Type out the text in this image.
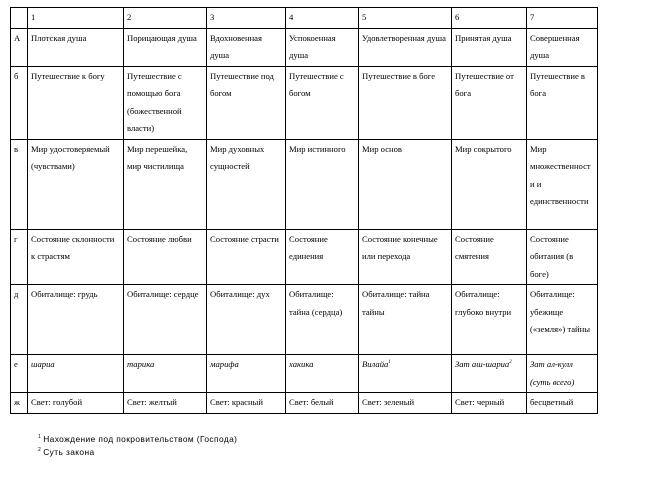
	1	2	3	4	5	6	7
А	Плотская душа	Порицающая душа	Вдохновенная душа	Успокоенная душа	Удовлетворенная душа	Принятая душа	Совершенная душа
б	Путешествие к богу	Путешествие с помощью бога (божественной власти)	Путешествие под богом	Путешествие с богом	Путешествие в боге	Путешествие от бога	Путешествие в бога
в	Мир удостоверяемый (чувствами)	Мир перешейка, мир чистилища	Мир духовных сущностей	Мир истинного	Мир основ	Мир сокрытого	Мир множественности и единственности
г	Состояние склонности к страстям	Состояние любви	Состояние страсти	Состояние единения	Состояние конечные или перехода	Состояние смятения	Состояние обитания (в боге)
д	Обиталище: грудь	Обиталище: сердце	Обиталище: дух	Обиталище: тайна (сердца)	Обиталище: тайна тайны	Обиталище: глубоко внутри	Обиталище: убежище («земля») тайны
е	шариа	тарика	марифа	хакика	Вилайа$^1$	Зат аш-шариа$^2$	Зат ал-кулл (суть всего)
ж	Свет: голубой	Свет: желтый	Свет: красный	Свет: белый	Свет: зеленый	Свет: черный	бесцветный
$^1$ Нахождение под покровительством (Господа)
$^2$ Суть закона
